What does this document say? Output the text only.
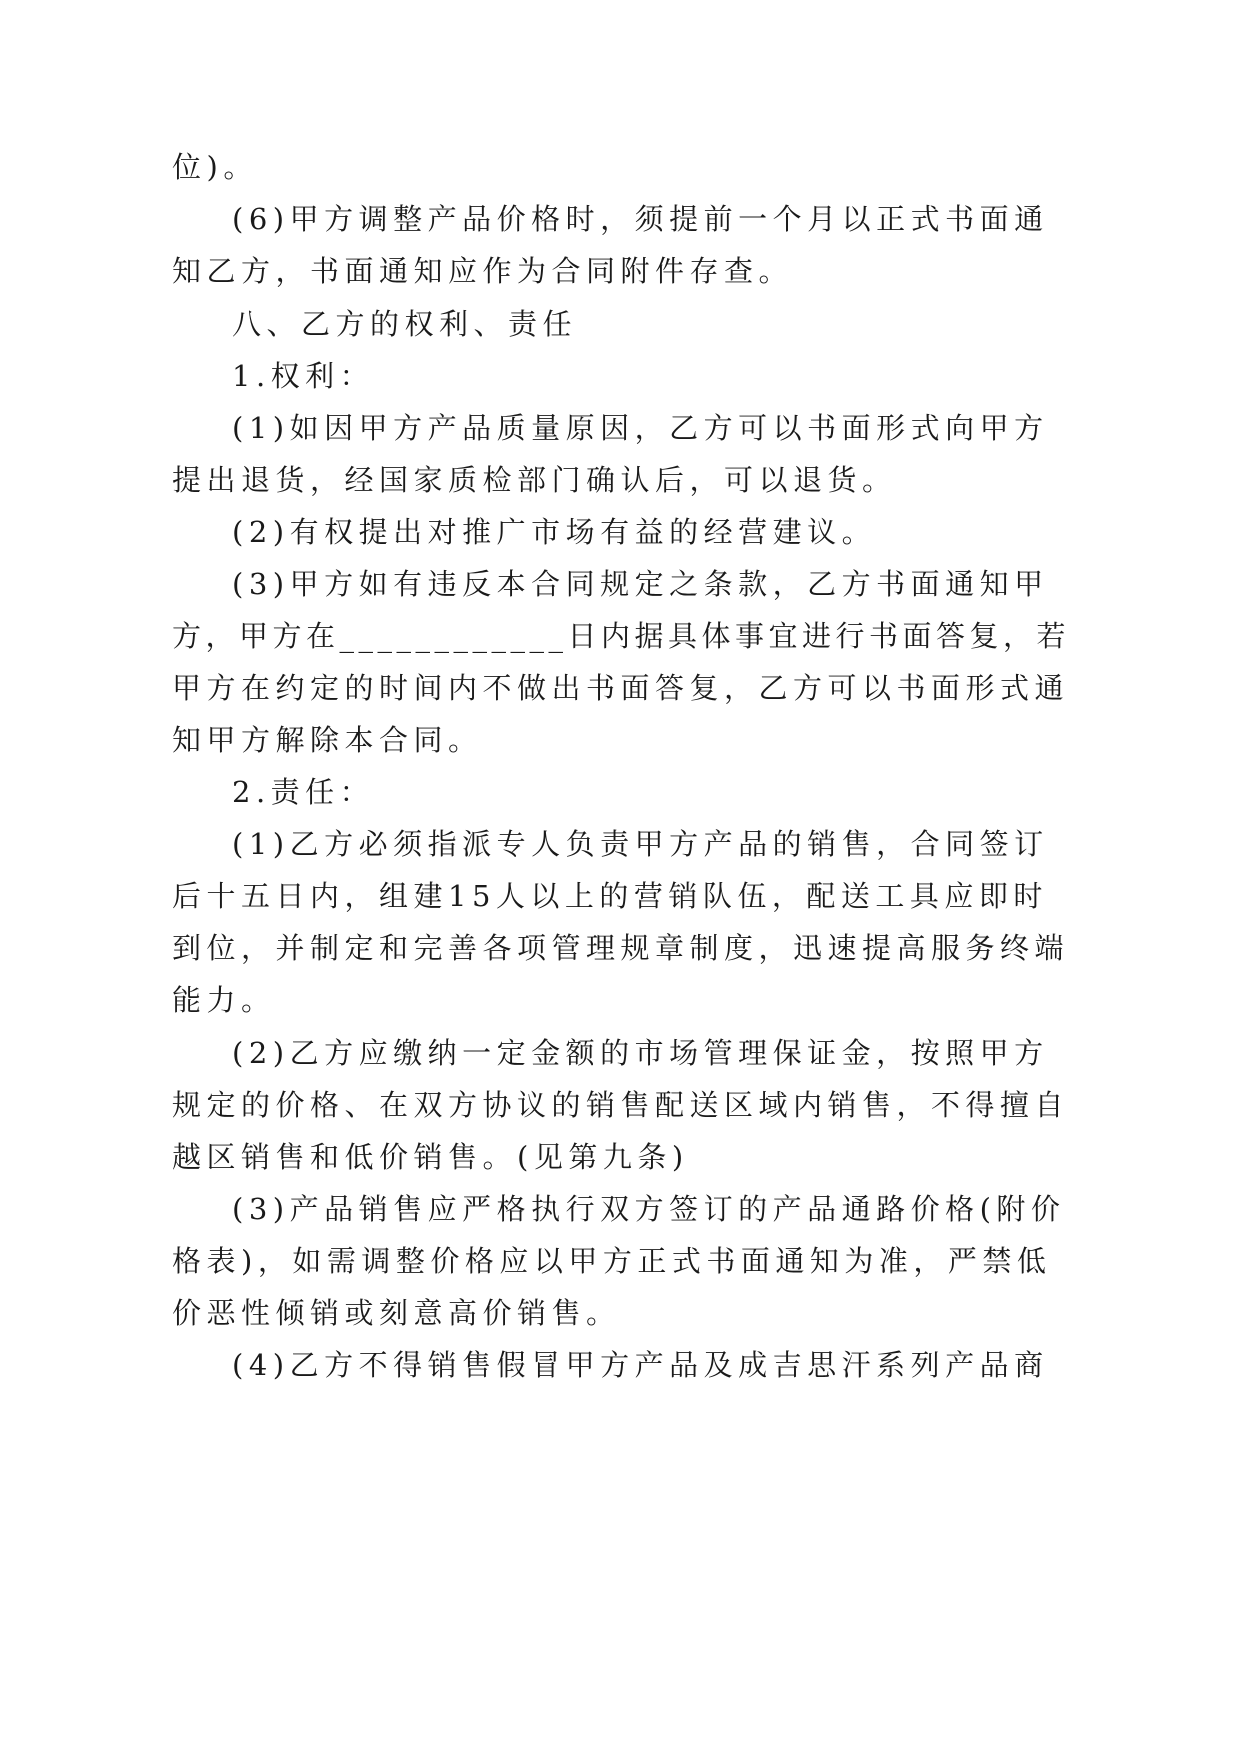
位)。
(6)甲方调整产品价格时，须提前一个月以正式书面通
知乙方，书面通知应作为合同附件存查。
八、乙方的权利、责任
1.权利：
(1)如因甲方产品质量原因，乙方可以书面形式向甲方
提出退货，经国家质检部门确认后，可以退货。
(2)有权提出对推广市场有益的经营建议。
(3)甲方如有违反本合同规定之条款，乙方书面通知甲
方，甲方在____________日内据具体事宜进行书面答复，若
甲方在约定的时间内不做出书面答复，乙方可以书面形式通
知甲方解除本合同。
2.责任：
(1)乙方必须指派专人负责甲方产品的销售，合同签订
后十五日内，组建15人以上的营销队伍，配送工具应即时
到位，并制定和完善各项管理规章制度，迅速提高服务终端
能力。
(2)乙方应缴纳一定金额的市场管理保证金，按照甲方
规定的价格、在双方协议的销售配送区域内销售，不得擅自
越区销售和低价销售。(见第九条)
(3)产品销售应严格执行双方签订的产品通路价格(附价
格表)，如需调整价格应以甲方正式书面通知为准，严禁低
价恶性倾销或刻意高价销售。
(4)乙方不得销售假冒甲方产品及成吉思汗系列产品商
